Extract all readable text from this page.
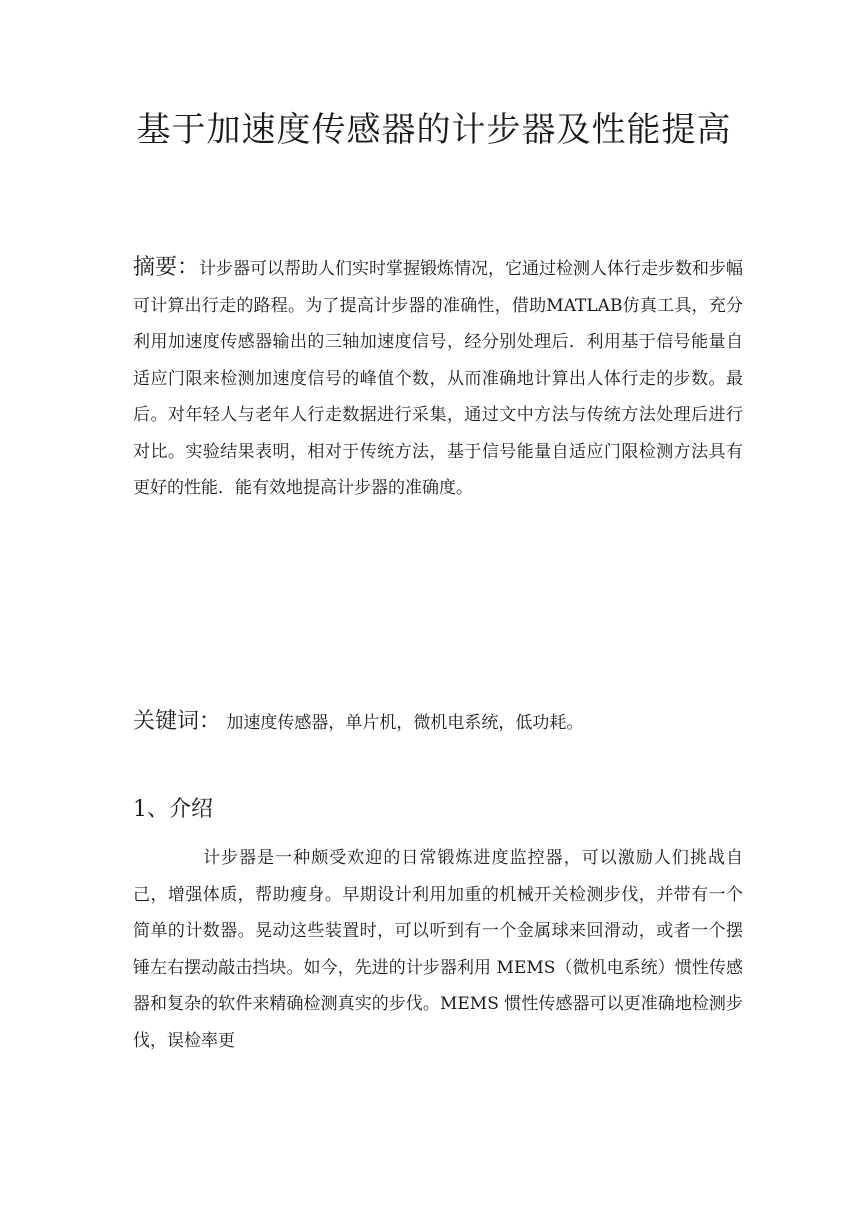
基于加速度传感器的计步器及性能提高

摘要：计步器可以帮助人们实时掌握锻炼情况，它通过检测人体行走步数和步幅可计算出行走的路程。为了提高计步器的准确性，借助MATLAB仿真工具，充分利用加速度传感器输出的三轴加速度信号，经分别处理后．利用基于信号能量自适应门限来检测加速度信号的峰值个数，从而准确地计算出人体行走的步数。最后。对年轻人与老年人行走数据进行采集，通过文中方法与传统方法处理后进行对比。实验结果表明，相对于传统方法，基于信号能量自适应门限检测方法具有更好的性能．能有效地提高计步器的准确度。

关键词： 加速度传感器，单片机，微机电系统，低功耗。

1、介绍

计步器是一种颇受欢迎的日常锻炼进度监控器，可以激励人们挑战自己，增强体质，帮助瘦身。早期设计利用加重的机械开关检测步伐，并带有一个简单的计数器。晃动这些装置时，可以听到有一个金属球来回滑动，或者一个摆锤左右摆动敲击挡块。如今，先进的计步器利用 MEMS（微机电系统）惯性传感器和复杂的软件来精确检测真实的步伐。MEMS 惯性传感器可以更准确地检测步伐，误检率更
